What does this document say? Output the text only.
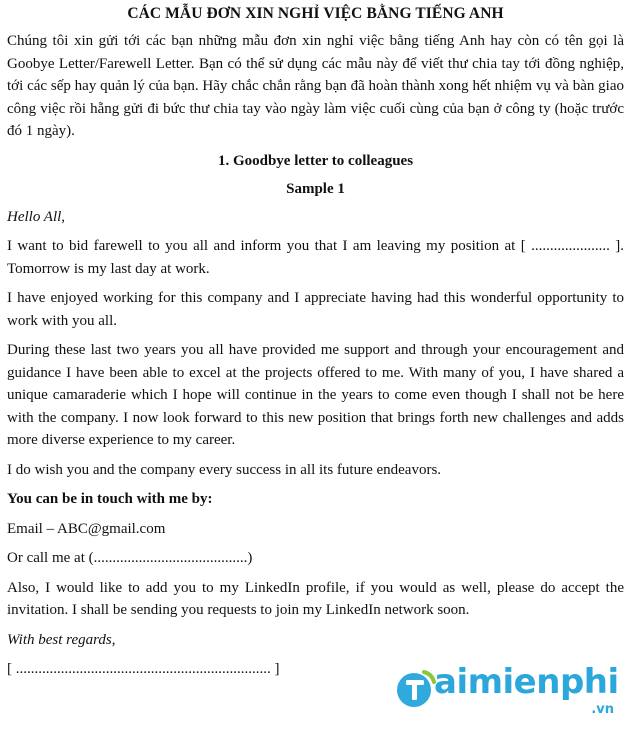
CÁC MẪU ĐƠN XIN NGHỈ VIỆC BẰNG TIẾNG ANH

Chúng tôi xin gửi tới các bạn những mẫu đơn xin nghỉ việc bằng tiếng Anh hay còn có tên gọi là Goobye Letter/Farewell Letter. Bạn có thể sử dụng các mẫu này để viết thư chia tay tới đồng nghiệp, tới các sếp hay quản lý của bạn. Hãy chắc chắn rằng bạn đã hoàn thành xong hết nhiệm vụ và bàn giao công việc rồi hẵng gửi đi bức thư chia tay vào ngày làm việc cuối cùng của bạn ở công ty (hoặc trước đó 1 ngày).

1. Goodbye letter to colleagues
Sample 1

Hello All,

I want to bid farewell to you all and inform you that I am leaving my position at [ ..................... ]. Tomorrow is my last day at work.

I have enjoyed working for this company and I appreciate having had this wonderful opportunity to work with you all.

During these last two years you all have provided me support and through your encouragement and guidance I have been able to excel at the projects offered to me. With many of you, I have shared a unique camaraderie which I hope will continue in the years to come even though I shall not be here with the company. I now look forward to this new position that brings forth new challenges and adds more diverse experience to my career.

I do wish you and the company every success in all its future endeavors.

You can be in touch with me by:

Email – ABC@gmail.com

Or call me at (.........................................)

Also, I would like to add you to my LinkedIn profile, if you would as well, please do accept the invitation. I shall be sending you requests to join my LinkedIn network soon.

With best regards,

[ .................................................................... ]	aimienphi
.vn
